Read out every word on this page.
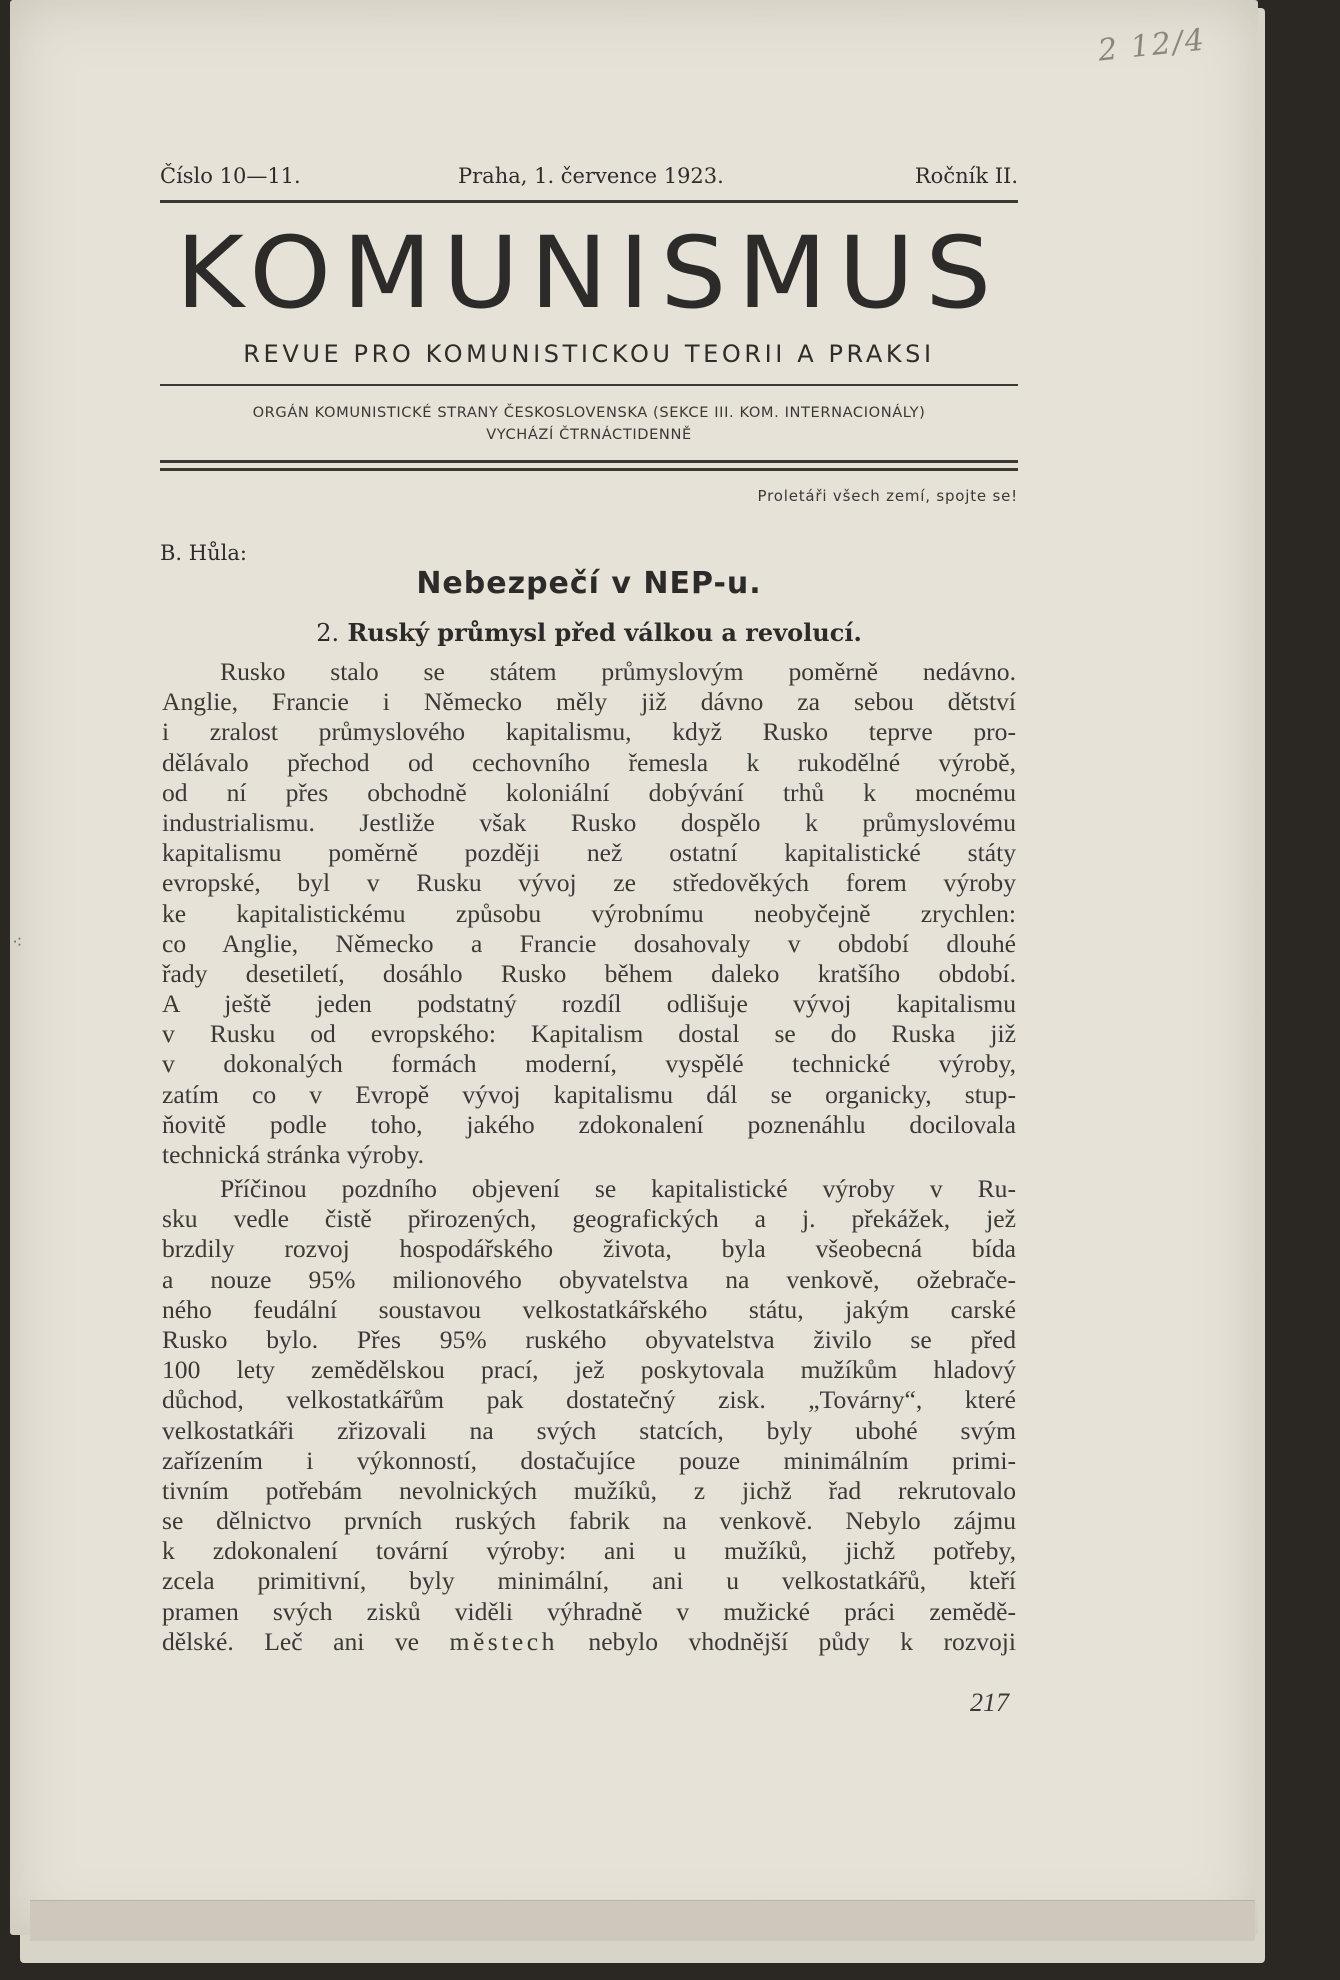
⁖
2 12/4
Číslo 10—11.	Praha, 1. července 1923.	Ročník II.
KOMUNISMUS
REVUE PRO KOMUNISTICKOU TEORII A PRAKSI
ORGÁN KOMUNISTICKÉ STRANY ČESKOSLOVENSKA (SEKCE III. KOM. INTERNACIONÁLY)
VYCHÁZÍ ČTRNÁCTIDENNĚ
Proletáři všech zemí, spojte se!
B. Hůla:
Nebezpečí v NEP-u.
2. Ruský průmysl před válkou a revolucí.
Rusko stalo se státem průmyslovým poměrně nedávno.
Anglie, Francie i Německo měly již dávno za sebou dětství
i zralost průmyslového kapitalismu, když Rusko teprve pro-
dělávalo přechod od cechovního řemesla k rukodělné výrobě,
od ní přes obchodně koloniální dobývání trhů k mocnému
industrialismu. Jestliže však Rusko dospělo k průmyslovému
kapitalismu poměrně později než ostatní kapitalistické státy
evropské, byl v Rusku vývoj ze středověkých forem výroby
ke kapitalistickému způsobu výrobnímu neobyčejně zrychlen:
co Anglie, Německo a Francie dosahovaly v období dlouhé
řady desetiletí, dosáhlo Rusko během daleko kratšího období.
A ještě jeden podstatný rozdíl odlišuje vývoj kapitalismu
v Rusku od evropského: Kapitalism dostal se do Ruska již
v dokonalých formách moderní, vyspělé technické výroby,
zatím co v Evropě vývoj kapitalismu dál se organicky, stup-
ňovitě podle toho, jakého zdokonalení poznenáhlu docilovala
technická stránka výroby.
Příčinou pozdního objevení se kapitalistické výroby v Ru-
sku vedle čistě přirozených, geografických a j. překážek, jež
brzdily rozvoj hospodářského života, byla všeobecná bída
a nouze 95% milionového obyvatelstva na venkově, ožebrače-
ného feudální soustavou velkostatkářského státu, jakým carské
Rusko bylo. Přes 95% ruského obyvatelstva živilo se před
100 lety zemědělskou prací, jež poskytovala mužíkům hladový
důchod, velkostatkářům pak dostatečný zisk. „Továrny“, které
velkostatkáři zřizovali na svých statcích, byly ubohé svým
zařízením i výkonností, dostačujíce pouze minimálním primi-
tivním potřebám nevolnických mužíků, z jichž řad rekrutovalo
se dělnictvo prvních ruských fabrik na venkově. Nebylo zájmu
k zdokonalení tovární výroby: ani u mužíků, jichž potřeby,
zcela primitivní, byly minimální, ani u velkostatkářů, kteří
pramen svých zisků viděli výhradně v mužické práci zemědě-
dělské. Leč ani ve městech nebylo vhodnější půdy k rozvoji
217
